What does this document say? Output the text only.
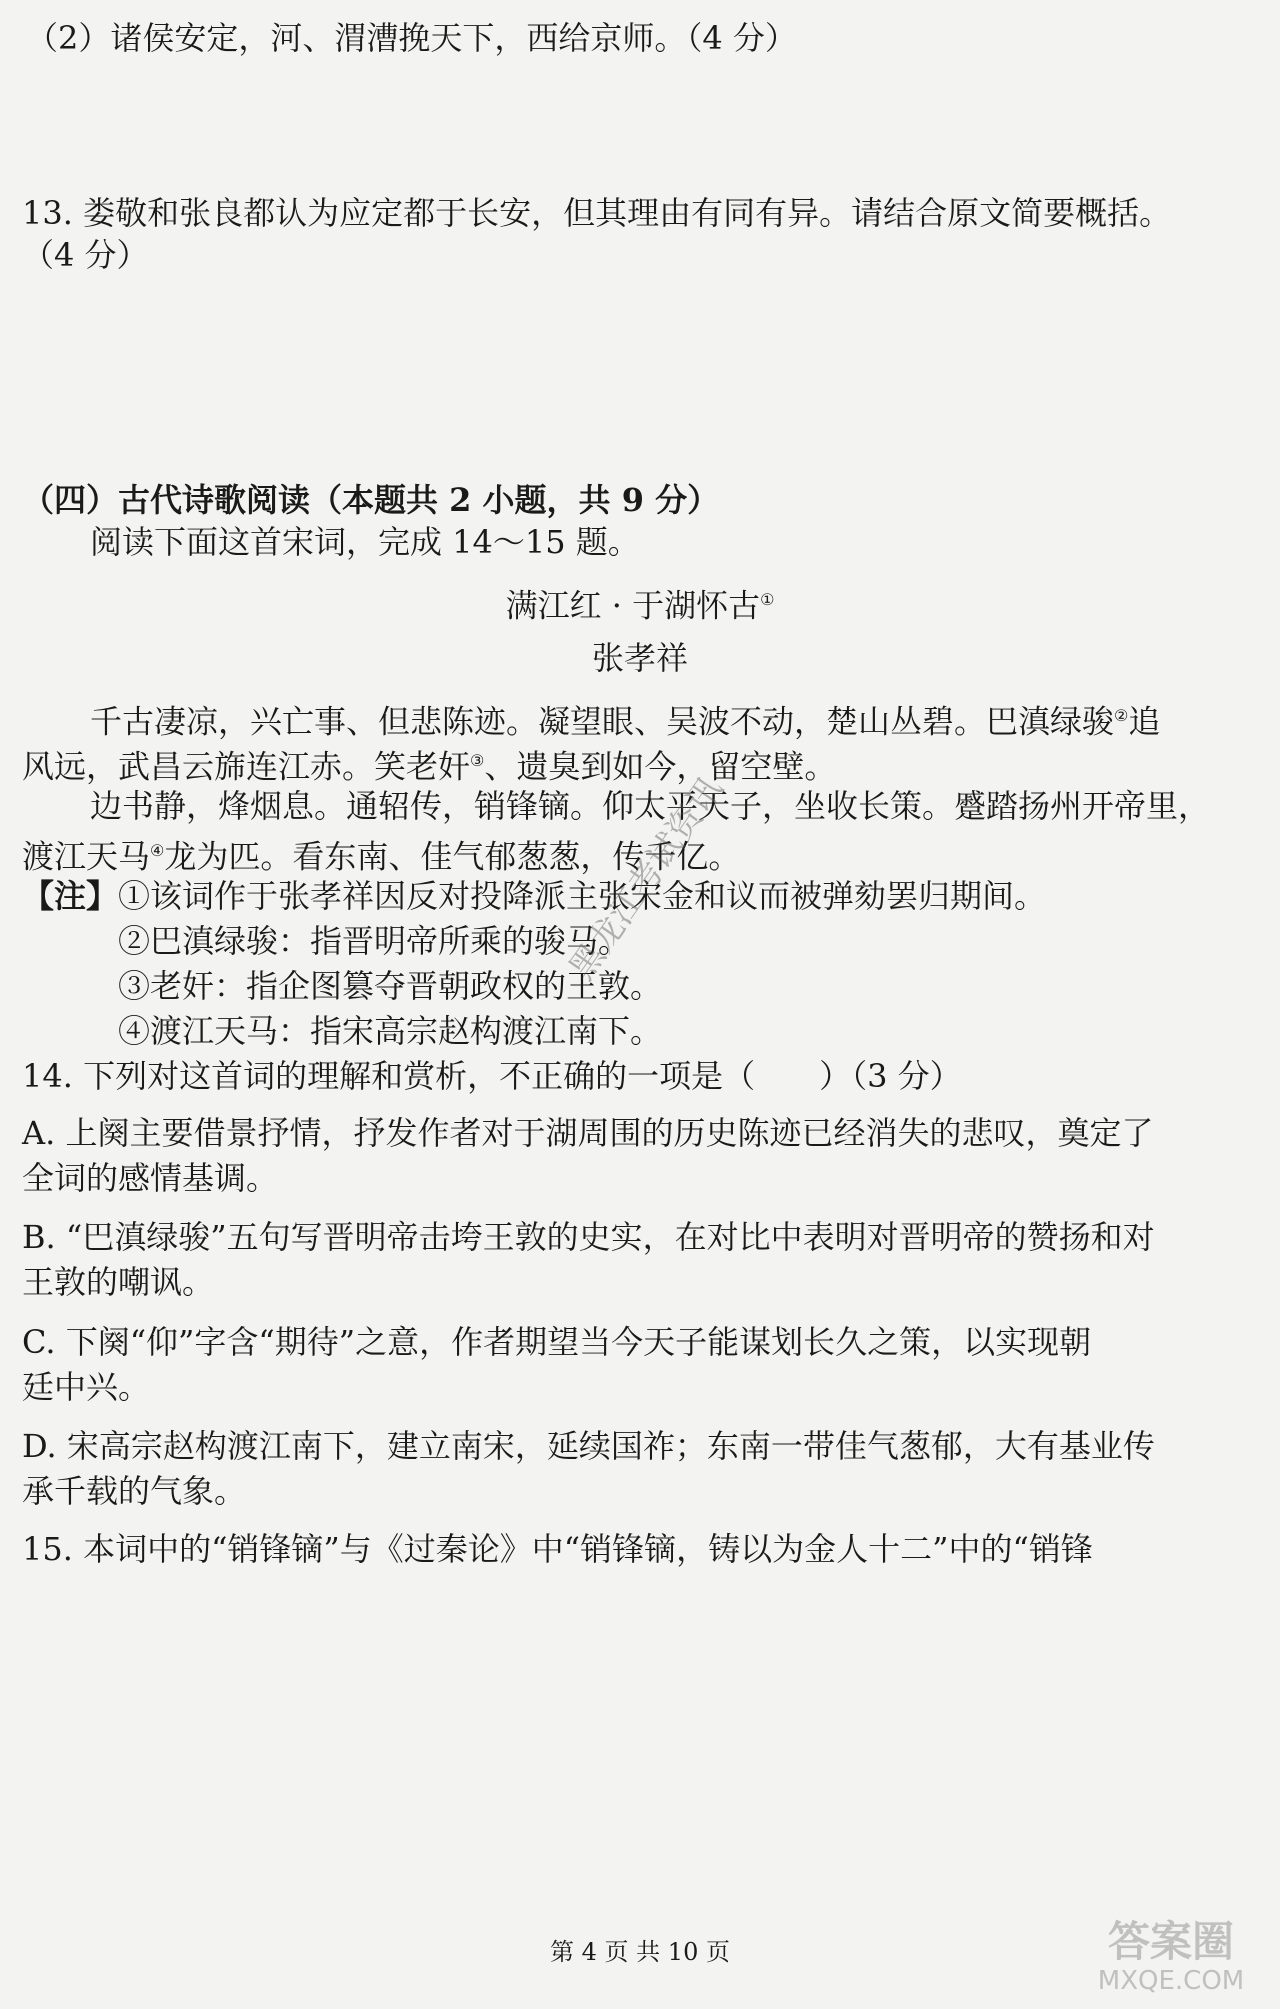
（2）诸侯安定，河、渭漕挽天下，西给京师。（4 分）
13. 娄敬和张良都认为应定都于长安，但其理由有同有异。请结合原文简要概括。
（4 分）
（四）古代诗歌阅读（本题共 2 小题，共 9 分）
阅读下面这首宋词，完成 14～15 题。
满江红 · 于湖怀古①
张孝祥
千古凄凉，兴亡事、但悲陈迹。凝望眼、吴波不动，楚山丛碧。巴滇绿骏②追
风远，武昌云旆连江赤。笑老奸③、遗臭到如今，留空壁。
边书静，烽烟息。通轺传，销锋镝。仰太平天子，坐收长策。蹙踏扬州开帝里，
渡江天马④龙为匹。看东南、佳气郁葱葱，传千亿。
【注】①该词作于张孝祥因反对投降派主张宋金和议而被弹劾罢归期间。
②巴滇绿骏：指晋明帝所乘的骏马。
③老奸：指企图篡夺晋朝政权的王敦。
④渡江天马：指宋高宗赵构渡江南下。
14. 下列对这首词的理解和赏析，不正确的一项是（　　）（3 分）
A. 上阕主要借景抒情，抒发作者对于湖周围的历史陈迹已经消失的悲叹，奠定了
全词的感情基调。
B. “巴滇绿骏”五句写晋明帝击垮王敦的史实，在对比中表明对晋明帝的赞扬和对
王敦的嘲讽。
C. 下阕“仰”字含“期待”之意，作者期望当今天子能谋划长久之策，以实现朝
廷中兴。
D. 宋高宗赵构渡江南下，建立南宋，延续国祚；东南一带佳气葱郁，大有基业传
承千载的气象。
15. 本词中的“销锋镝”与《过秦论》中“销锋镝，铸以为金人十二”中的“销锋
黑龙江考试资讯
第 4 页 共 10 页	答案圈
MXQE.COM
